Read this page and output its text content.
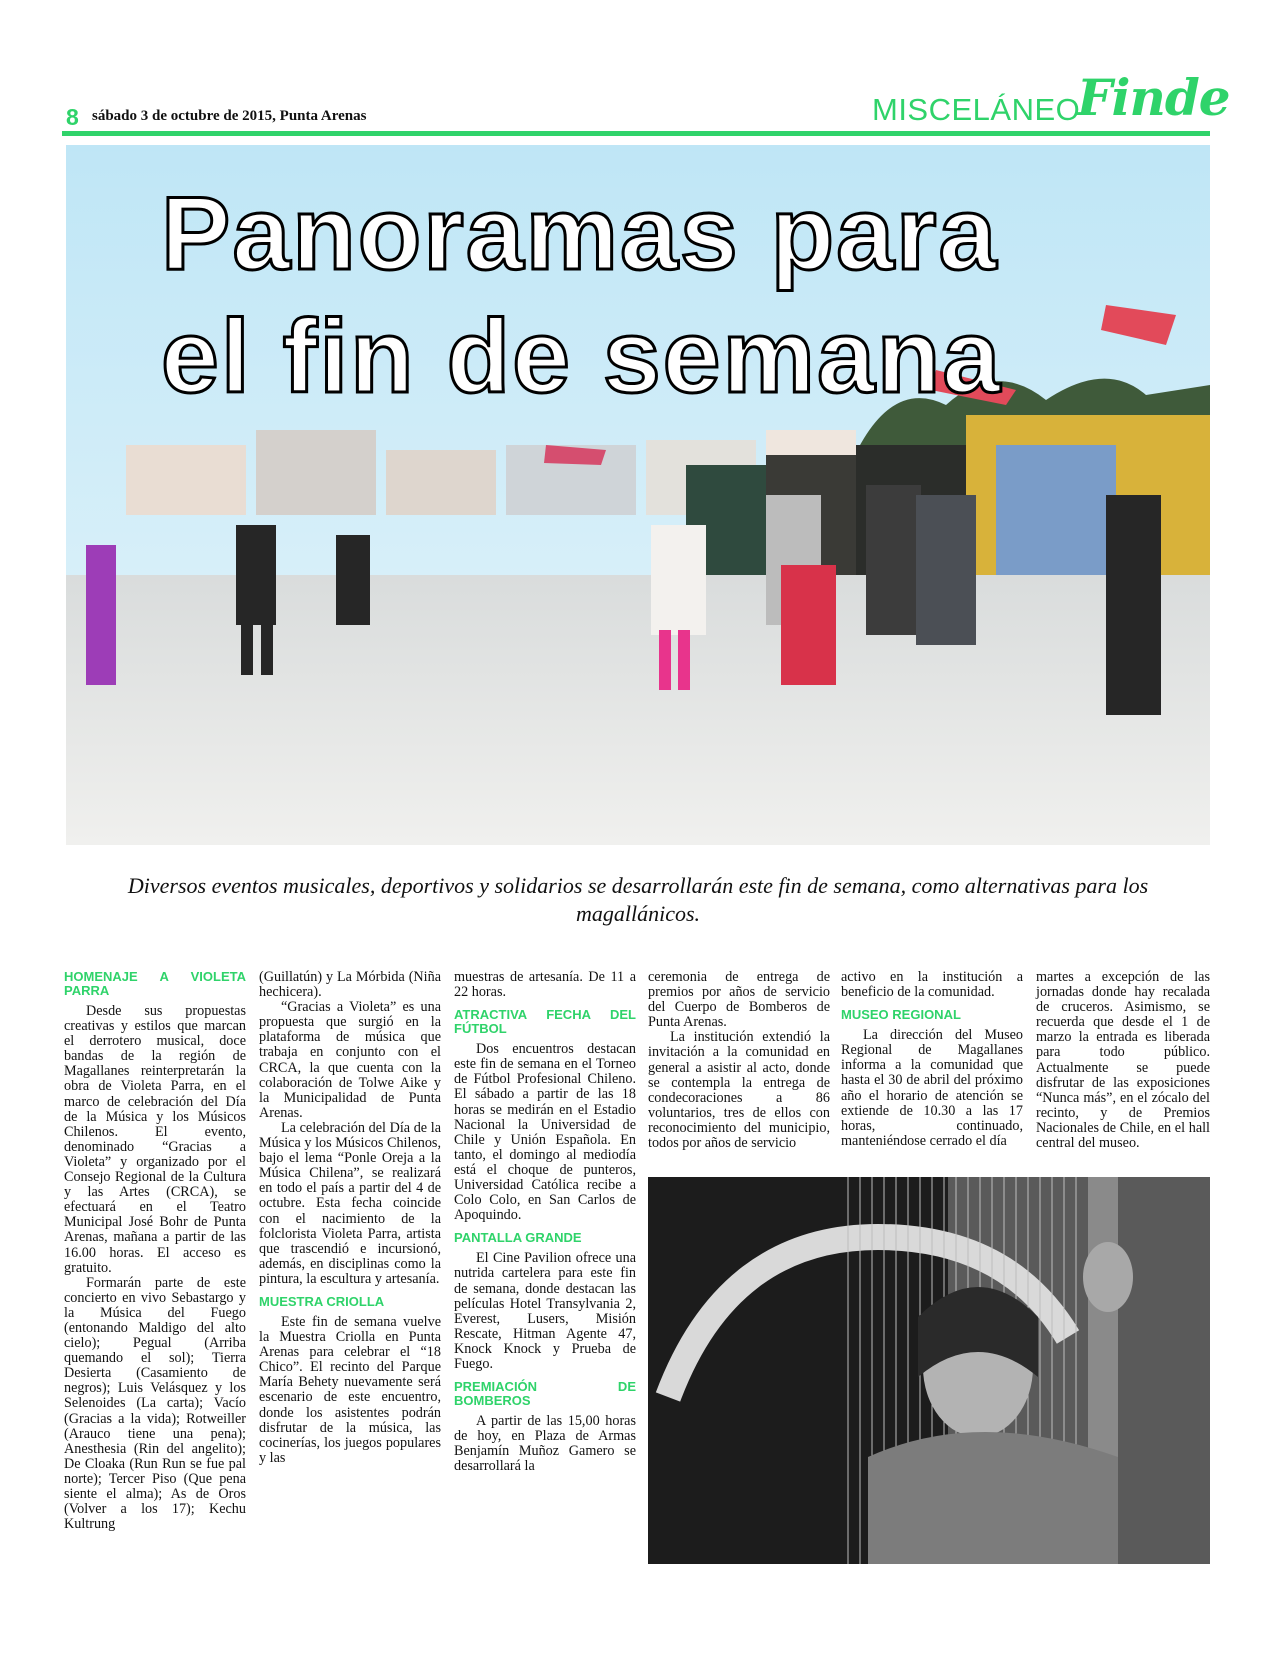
8 sábado 3 de octubre de 2015, Punta Arenas	MISCELÁNEO
Finde
Panoramas para
el fin de semana
Diversos eventos musicales, deportivos y solidarios se desarrollarán este fin de semana, como alternativas para los magallánicos.
HOMENAJE A VIOLETA PARRA

Desde sus propuestas creativas y estilos que marcan el derrotero musical, doce bandas de la región de Magallanes reinterpretarán la obra de Violeta Parra, en el marco de celebración del Día de la Música y los Músicos Chilenos. El evento, denominado “Gracias a Violeta” y organizado por el Consejo Regional de la Cultura y las Artes (CRCA), se efectuará en el Teatro Municipal José Bohr de Punta Arenas, mañana a partir de las 16.00 horas. El acceso es gratuito.

Formarán parte de este concierto en vivo Sebastargo y la Música del Fuego (entonando Maldigo del alto cielo); Pegual (Arriba quemando el sol); Tierra Desierta (Casamiento de negros); Luis Velásquez y los Selenoides (La carta); Vacío (Gracias a la vida); Rotweiller (Arauco tiene una pena); Anesthesia (Rin del angelito); De Cloaka (Run Run se fue pal norte); Tercer Piso (Que pena siente el alma); As de Oros (Volver a los 17); Kechu Kultrung

(Guillatún) y La Mórbida (Niña hechicera).

“Gracias a Violeta” es una propuesta que surgió en la plataforma de música que trabaja en conjunto con el CRCA, la que cuenta con la colaboración de Tolwe Aike y la Municipalidad de Punta Arenas.

La celebración del Día de la Música y los Músicos Chilenos, bajo el lema “Ponle Oreja a la Música Chilena”, se realizará en todo el país a partir del 4 de octubre. Esta fecha coincide con el nacimiento de la folclorista Violeta Parra, artista que trascendió e incursionó, además, en disciplinas como la pintura, la escultura y artesanía.

MUESTRA CRIOLLA

Este fin de semana vuelve la Muestra Criolla en Punta Arenas para celebrar el “18 Chico”. El recinto del Parque María Behety nuevamente será escenario de este encuentro, donde los asistentes podrán disfrutar de la música, las cocinerías, los juegos populares y las

muestras de artesanía. De 11 a 22 horas.

ATRACTIVA FECHA DEL FÚTBOL

Dos encuentros destacan este fin de semana en el Torneo de Fútbol Profesional Chileno. El sábado a partir de las 18 horas se medirán en el Estadio Nacional la Universidad de Chile y Unión Española. En tanto, el domingo al mediodía está el choque de punteros, Universidad Católica recibe a Colo Colo, en San Carlos de Apoquindo.

PANTALLA GRANDE

El Cine Pavilion ofrece una nutrida cartelera para este fin de semana, donde destacan las películas Hotel Transylvania 2, Everest, Lusers, Misión Rescate, Hitman Agente 47, Knock Knock y Prueba de Fuego.

PREMIACIÓN DE BOMBEROS

A partir de las 15,00 horas de hoy, en Plaza de Armas Benjamín Muñoz Gamero se desarrollará la

ceremonia de entrega de premios por años de servicio del Cuerpo de Bomberos de Punta Arenas.

La institución extendió la invitación a la comunidad en general a asistir al acto, donde se contempla la entrega de condecoraciones a 86 voluntarios, tres de ellos con reconocimiento del municipio, todos por años de servicio

activo en la institución a beneficio de la comunidad.

MUSEO REGIONAL

La dirección del Museo Regional de Magallanes informa a la comunidad que hasta el 30 de abril del próximo año el horario de atención se extiende de 10.30 a las 17 horas, continuado, manteniéndose cerrado el día

martes a excepción de las jornadas donde hay recalada de cruceros. Asimismo, se recuerda que desde el 1 de marzo la entrada es liberada para todo público. Actualmente se puede disfrutar de las exposiciones “Nunca más”, en el zócalo del recinto, y de Premios Nacionales de Chile, en el hall central del museo.
